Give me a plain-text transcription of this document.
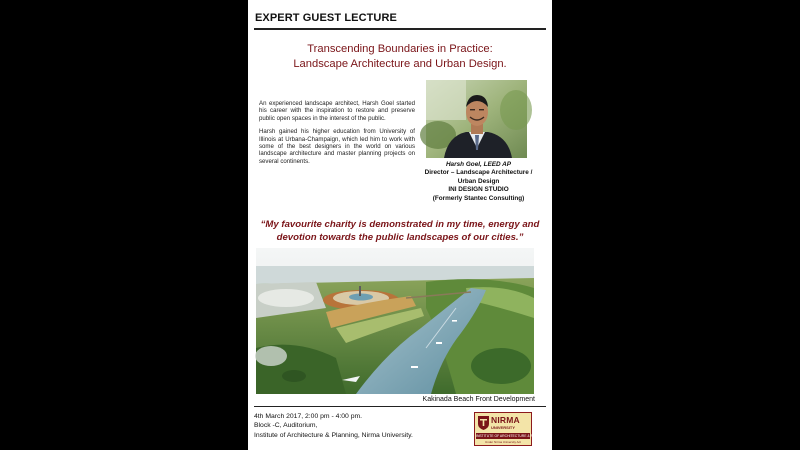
EXPERT GUEST LECTURE
Transcending Boundaries in Practice:
Landscape Architecture and Urban Design.

An experienced landscape architect, Harsh Goel started his career with the inspiration to restore and preserve public open spaces in the interest of the public.

Harsh gained his higher education from University of Illinois at Urbana-Champaign, which led him to work with some of the best designers in the world on various landscape architecture and master planning projects on several continents.	Harsh Goel, LEED AP
Director – Landscape Architecture /
Urban Design
INI DESIGN STUDIO
(Formerly Stantec Consulting)
“My favourite charity is demonstrated in my time, energy and
devotion towards the public landscapes of our cities.”
Kakinada Beach Front Development
4th March 2017, 2:00 pm - 4:00 pm.
Block -C, Auditorium,
Institute of Architecture & Planning, Nirma University.
NIRMA
UNIVERSITY
INSTITUTE OF ARCHITECTURE & PLANNING
Under Nirma University Act
